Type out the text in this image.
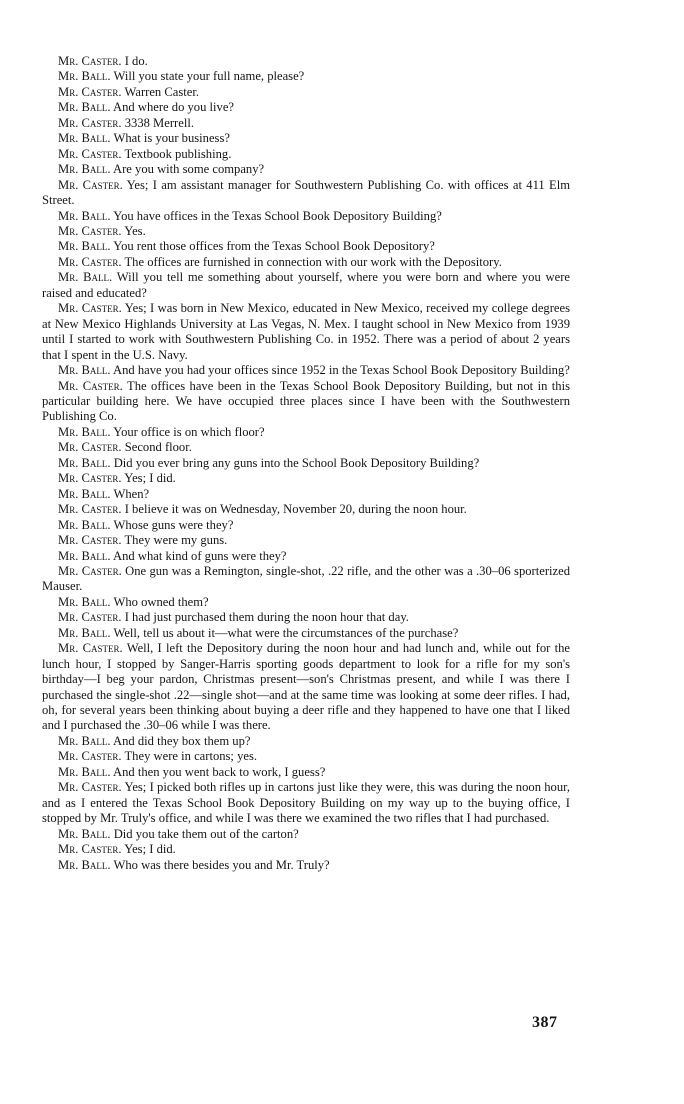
Mr. Caster. I do.

Mr. Ball. Will you state your full name, please?

Mr. Caster. Warren Caster.

Mr. Ball. And where do you live?

Mr. Caster. 3338 Merrell.

Mr. Ball. What is your business?

Mr. Caster. Textbook publishing.

Mr. Ball. Are you with some company?

Mr. Caster. Yes; I am assistant manager for Southwestern Publishing Co. with offices at 411 Elm Street.

Mr. Ball. You have offices in the Texas School Book Depository Building?

Mr. Caster. Yes.

Mr. Ball. You rent those offices from the Texas School Book Depository?

Mr. Caster. The offices are furnished in connection with our work with the Depository.

Mr. Ball. Will you tell me something about yourself, where you were born and where you were raised and educated?

Mr. Caster. Yes; I was born in New Mexico, educated in New Mexico, received my college degrees at New Mexico Highlands University at Las Vegas, N. Mex. I taught school in New Mexico from 1939 until I started to work with Southwestern Publishing Co. in 1952. There was a period of about 2 years that I spent in the U.S. Navy.

Mr. Ball. And have you had your offices since 1952 in the Texas School Book Depository Building?

Mr. Caster. The offices have been in the Texas School Book Depository Building, but not in this particular building here. We have occupied three places since I have been with the Southwestern Publishing Co.

Mr. Ball. Your office is on which floor?

Mr. Caster. Second floor.

Mr. Ball. Did you ever bring any guns into the School Book Depository Building?

Mr. Caster. Yes; I did.

Mr. Ball. When?

Mr. Caster. I believe it was on Wednesday, November 20, during the noon hour.

Mr. Ball. Whose guns were they?

Mr. Caster. They were my guns.

Mr. Ball. And what kind of guns were they?

Mr. Caster. One gun was a Remington, single-shot, .22 rifle, and the other was a .30–06 sporterized Mauser.

Mr. Ball. Who owned them?

Mr. Caster. I had just purchased them during the noon hour that day.

Mr. Ball. Well, tell us about it—what were the circumstances of the purchase?

Mr. Caster. Well, I left the Depository during the noon hour and had lunch and, while out for the lunch hour, I stopped by Sanger-Harris sporting goods department to look for a rifle for my son's birthday—I beg your pardon, Christmas present—son's Christmas present, and while I was there I purchased the single-shot .22—single shot—and at the same time was looking at some deer rifles. I had, oh, for several years been thinking about buying a deer rifle and they happened to have one that I liked and I purchased the .30–06 while I was there.

Mr. Ball. And did they box them up?

Mr. Caster. They were in cartons; yes.

Mr. Ball. And then you went back to work, I guess?

Mr. Caster. Yes; I picked both rifles up in cartons just like they were, this was during the noon hour, and as I entered the Texas School Book Depository Building on my way up to the buying office, I stopped by Mr. Truly's office, and while I was there we examined the two rifles that I had purchased.

Mr. Ball. Did you take them out of the carton?

Mr. Caster. Yes; I did.

Mr. Ball. Who was there besides you and Mr. Truly?

387
